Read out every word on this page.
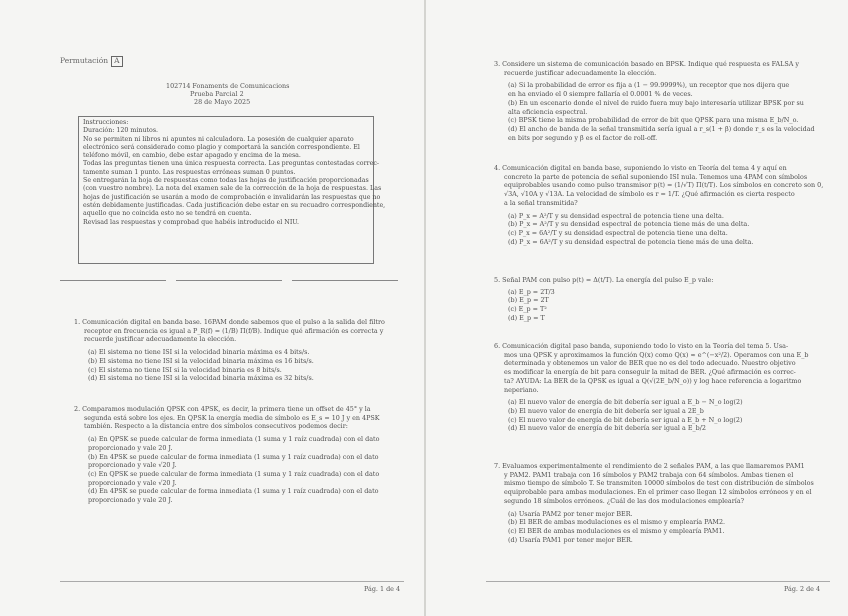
Permutación A
102714 Fonaments de Comunicacions
Prueba Parcial 2
28 de Mayo 2025
Instrucciones:
Duración: 120 minutos.
No se permiten ni libros ni apuntes ni calculadora. La posesión de cualquier aparato
electrónico será considerado como plagio y comportará la sanción correspondiente. El
teléfono móvil, en cambio, debe estar apagado y encima de la mesa.
Todas las preguntas tienen una única respuesta correcta. Las preguntas contestadas correc-
tamente suman 1 punto. Las respuestas erróneas suman 0 puntos.
Se entregarán la hoja de respuestas como todas las hojas de justificación proporcionadas
(con vuestro nombre). La nota del examen sale de la corrección de la hoja de respuestas. Las
hojas de justificación se usarán a modo de comprobación e invalidarán las respuestas que no
estén debidamente justificadas. Cada justificación debe estar en su recuadro correspondiente,
aquello que no coincida esto no se tendrá en cuenta.
Revisad las respuestas y comprobad que habéis introducido el NIU.

1. Comunicación digital en banda base. 16PAM donde sabemos que el pulso a la salida del filtro

receptor en frecuencia es igual a P_R(f) = (1/B) Π(f/B). Indique qué afirmación es correcta y

recuerde justificar adecuadamente la elección.

(a) El sistema no tiene ISI si la velocidad binaria máxima es 4 bits/s.

(b) El sistema no tiene ISI si la velocidad binaria máxima es 16 bits/s.

(c) El sistema no tiene ISI si la velocidad binaria es 8 bits/s.

(d) El sistema no tiene ISI si la velocidad binaria máxima es 32 bits/s.

2. Comparamos modulación QPSK con 4PSK, es decir, la primera tiene un offset de 45° y la

segunda está sobre los ejes. En QPSK la energía media de símbolo es E_s = 10 J y en 4PSK

también. Respecto a la distancia entre dos símbolos consecutivos podemos decir:

(a) En QPSK se puede calcular de forma inmediata (1 suma y 1 raíz cuadrada) con el dato

proporcionado y vale 20 J.

(b) En 4PSK se puede calcular de forma inmediata (1 suma y 1 raíz cuadrada) con el dato

proporcionado y vale √20 J.

(c) En QPSK se puede calcular de forma inmediata (1 suma y 1 raíz cuadrada) con el dato

proporcionado y vale √20 J.

(d) En 4PSK se puede calcular de forma inmediata (1 suma y 1 raíz cuadrada) con el dato

proporcionado y vale 20 J.

Pág. 1 de 4

3. Considere un sistema de comunicación basado en BPSK. Indique qué respuesta es FALSA y

recuerde justificar adecuadamente la elección.

(a) Si la probabilidad de error es fija a (1 − 99.9999%), un receptor que nos dijera que

en ha enviado el 0 siempre fallaría el 0.0001 % de veces.

(b) En un escenario donde el nivel de ruido fuera muy bajo interesaría utilizar BPSK por su

alta eficiencia espectral.

(c) BPSK tiene la misma probabilidad de error de bit que QPSK para una misma E_b/N_o.

(d) El ancho de banda de la señal transmitida sería igual a r_s(1 + β) donde r_s es la velocidad

en bits por segundo y β es el factor de roll-off.

4. Comunicación digital en banda base, suponiendo lo visto en Teoría del tema 4 y aquí en

concreto la parte de potencia de señal suponiendo ISI nula. Tenemos una 4PAM con símbolos

equiprobables usando como pulso transmisor p(t) = (1/√T) Π(t/T). Los símbolos en concreto son 0,

√3A, √10A y √13A. La velocidad de símbolo es r = 1/T. ¿Qué afirmación es cierta respecto

a la señal transmitida?

(a) P_x = A²/T y su densidad espectral de potencia tiene una delta.

(b) P_x = A²/T y su densidad espectral de potencia tiene más de una delta.

(c) P_x = 6A²/T y su densidad espectral de potencia tiene una delta.

(d) P_x = 6A²/T y su densidad espectral de potencia tiene más de una delta.

5. Señal PAM con pulso p(t) = Δ(t/T). La energía del pulso E_p vale:

(a) E_p = 2T/3

(b) E_p = 2T

(c) E_p = T²

(d) E_p = T

6. Comunicación digital paso banda, suponiendo todo lo visto en la Teoría del tema 5. Usa-

mos una QPSK y aproximamos la función Q(x) como Q(x) ≈ e^(−x²/2). Operamos con una E_b

determinada y obtenemos un valor de BER que no es del todo adecuado. Nuestro objetivo

es modificar la energía de bit para conseguir la mitad de BER. ¿Qué afirmación es correc-

ta? AYUDA: La BER de la QPSK es igual a Q(√(2E_b/N_o)) y log hace referencia a logaritmo

neperiano.

(a) El nuevo valor de energía de bit debería ser igual a E_b − N_o log(2)

(b) El nuevo valor de energía de bit debería ser igual a 2E_b

(c) El nuevo valor de energía de bit debería ser igual a E_b + N_o log(2)

(d) El nuevo valor de energía de bit debería ser igual a E_b/2

7. Evaluamos experimentalmente el rendimiento de 2 señales PAM, a las que llamaremos PAM1

y PAM2. PAM1 trabaja con 16 símbolos y PAM2 trabaja con 64 símbolos. Ambas tienen el

mismo tiempo de símbolo T. Se transmiten 10000 símbolos de test con distribución de símbolos

equiprobable para ambas modulaciones. En el primer caso llegan 12 símbolos erróneos y en el

segundo 18 símbolos erróneos. ¿Cuál de las dos modulaciones emplearía?

(a) Usaría PAM2 por tener mejor BER.

(b) El BER de ambas modulaciones es el mismo y emplearía PAM2.

(c) El BER de ambas modulaciones es el mismo y emplearía PAM1.

(d) Usaría PAM1 por tener mejor BER.

Pág. 2 de 4
